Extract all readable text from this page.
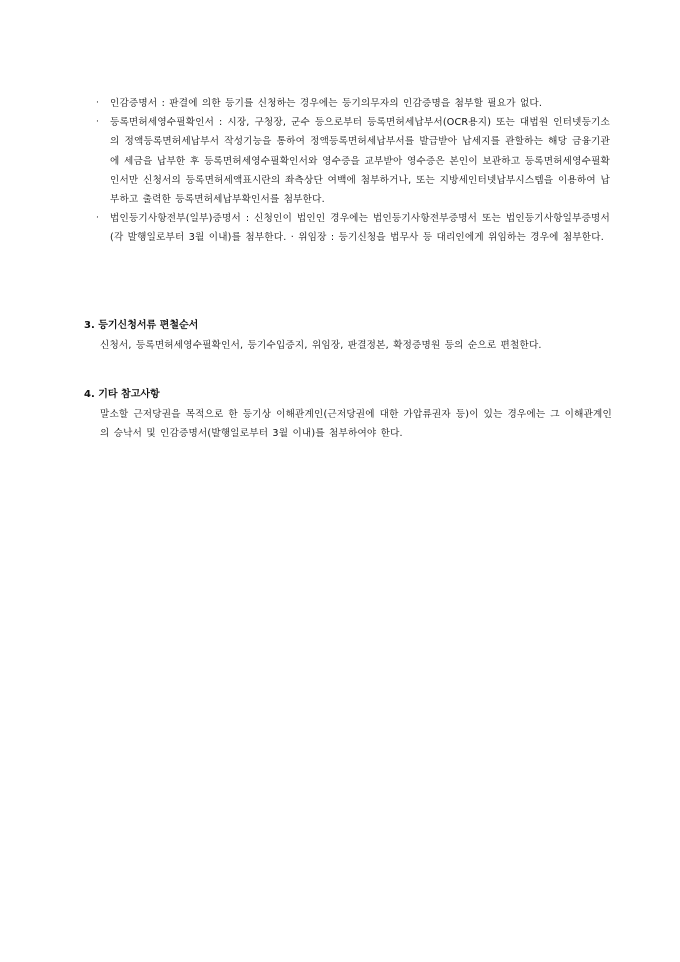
· 인감증명서 : 판결에 의한 등기를 신청하는 경우에는 등기의무자의 인감증명을 첨부할 필요가 없다.
· 등록면허세영수필확인서 : 시장, 구청장, 군수 등으로부터 등록면허세납부서(OCR용지) 또는 대법원 인터넷등기소의 정액등록면허세납부서 작성기능을 통하여 정액등록면허세납부서를 발급받아 납세지를 관할하는 해당 금융기관에 세금을 납부한 후 등록면허세영수필확인서와 영수증을 교부받아 영수증은 본인이 보관하고 등록면허세영수필확인서만 신청서의 등록면허세액표시란의 좌측상단 여백에 첨부하거나, 또는 지방세인터넷납부시스템을 이용하여 납부하고 출력한 등록면허세납부확인서를 첨부한다.
· 법인등기사항전부(일부)증명서 : 신청인이 법인인 경우에는 법인등기사항전부증명서 또는 법인등기사항일부증명서(각 발행일로부터 3월 이내)를 첨부한다. · 위임장 : 등기신청을 법무사 등 대리인에게 위임하는 경우에 첨부한다.

3. 등기신청서류 편철순서

신청서, 등록면허세영수필확인서, 등기수입증지, 위임장, 판결정본, 확정증명원 등의 순으로 편철한다.

4. 기타 참고사항

말소할 근저당권을 목적으로 한 등기상 이해관계인(근저당권에 대한 가압류권자 등)이 있는 경우에는 그 이해관계인의 승낙서 및 인감증명서(발행일로부터 3월 이내)를 첨부하여야 한다.
